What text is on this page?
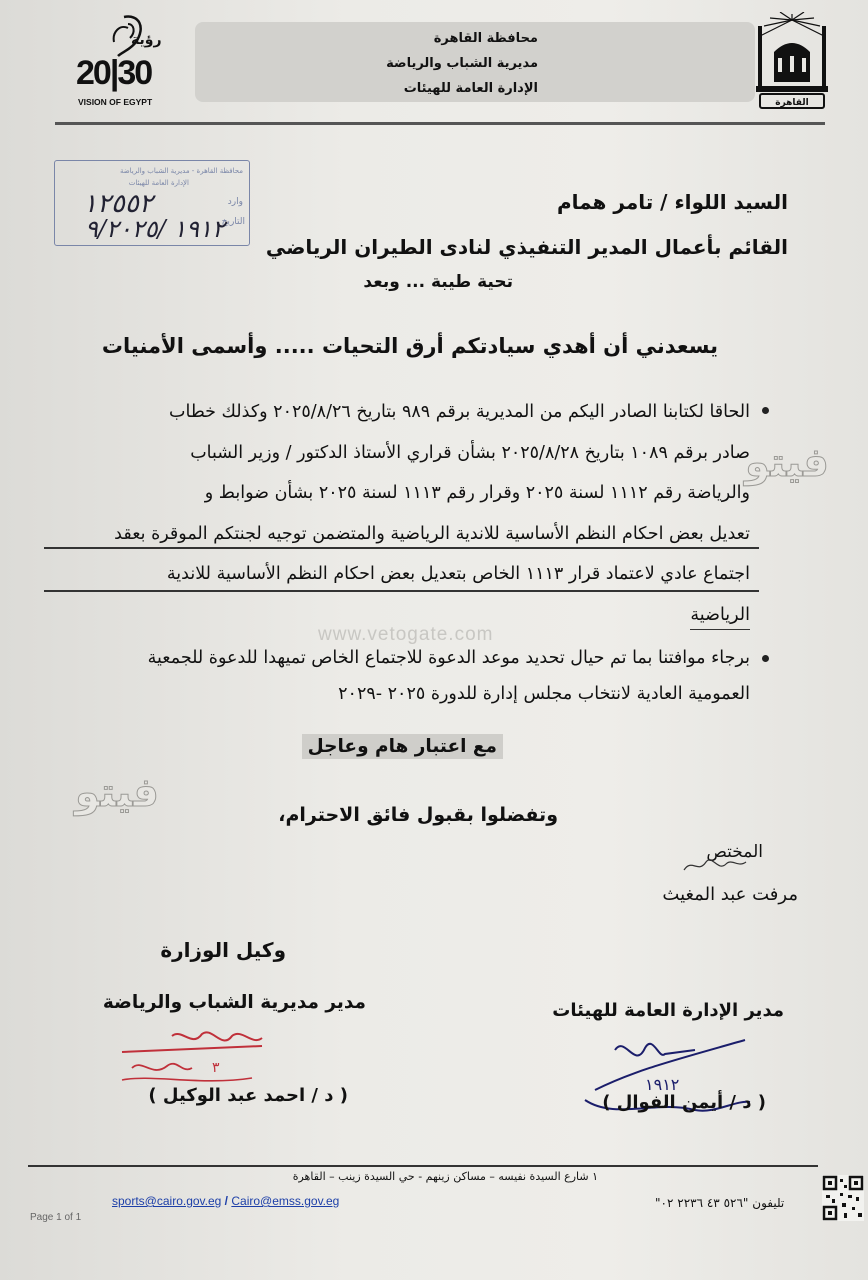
محافظة القاهرة
مديرية الشباب والرياضة
الإدارة العامة للهيئات
رؤية
20|30
VISION OF EGYPT	القاهرة
محافظة القاهرة - مديرية الشباب والرياضة
الإدارة العامة للهيئات
وارد
التاريخ
١٢٥٥٢
١٩١٢ /٩/٢٠٢٥
السيد اللواء / تامر همام
القائم بأعمال المدير التنفيذي لنادى الطيران الرياضي
تحية طيبة ... وبعد
يسعدني أن أهدي سيادتكم أرق التحيات ..... وأسمى الأمنيات
الحاقا لكتابنا الصادر اليكم من المديرية برقم ٩٨٩ بتاريخ ٢٠٢٥/٨/٢٦ وكذلك خطاب
صادر برقم ١٠٨٩ بتاريخ ٢٠٢٥/٨/٢٨ بشأن قراري الأستاذ الدكتور / وزير الشباب
والرياضة رقم ١١١٢ لسنة ٢٠٢٥ وقرار رقم ١١١٣ لسنة ٢٠٢٥ بشأن ضوابط و
تعديل بعض احكام النظم الأساسية للاندية الرياضية والمتضمن توجيه لجنتكم الموقرة بعقد
اجتماع عادي لاعتماد قرار ١١١٣ الخاص بتعديل بعض احكام النظم الأساسية للاندية
الرياضية
برجاء موافتنا بما تم حيال تحديد موعد الدعوة للاجتماع الخاص تميهدا للدعوة للجمعية
العمومية العادية لانتخاب مجلس إدارة للدورة ٢٠٢٥ -٢٠٢٩
مع اعتبار هام وعاجل
وتفضلوا بقبول فائق الاحترام،
المختص
مرفت عبد المغيث
وكيل الوزارة
مدير مديرية الشباب والرياضة	مدير الإدارة العامة للهيئات
٣
١٩١٢
( د / احمد عبد الوكيل )	( د / أيمن الفوال )
فيتو
فيتو
www.vetogate.com
١ شارع السيدة نفيسه – مساكن زينهم - حي السيدة زينب – القاهرة
sports@cairo.gov.eg / Cairo@emss.gov.eg	تليفون "٥٢٦ ٤٣ ٢٢٣٦ ٠٢"
Page 1 of 1
